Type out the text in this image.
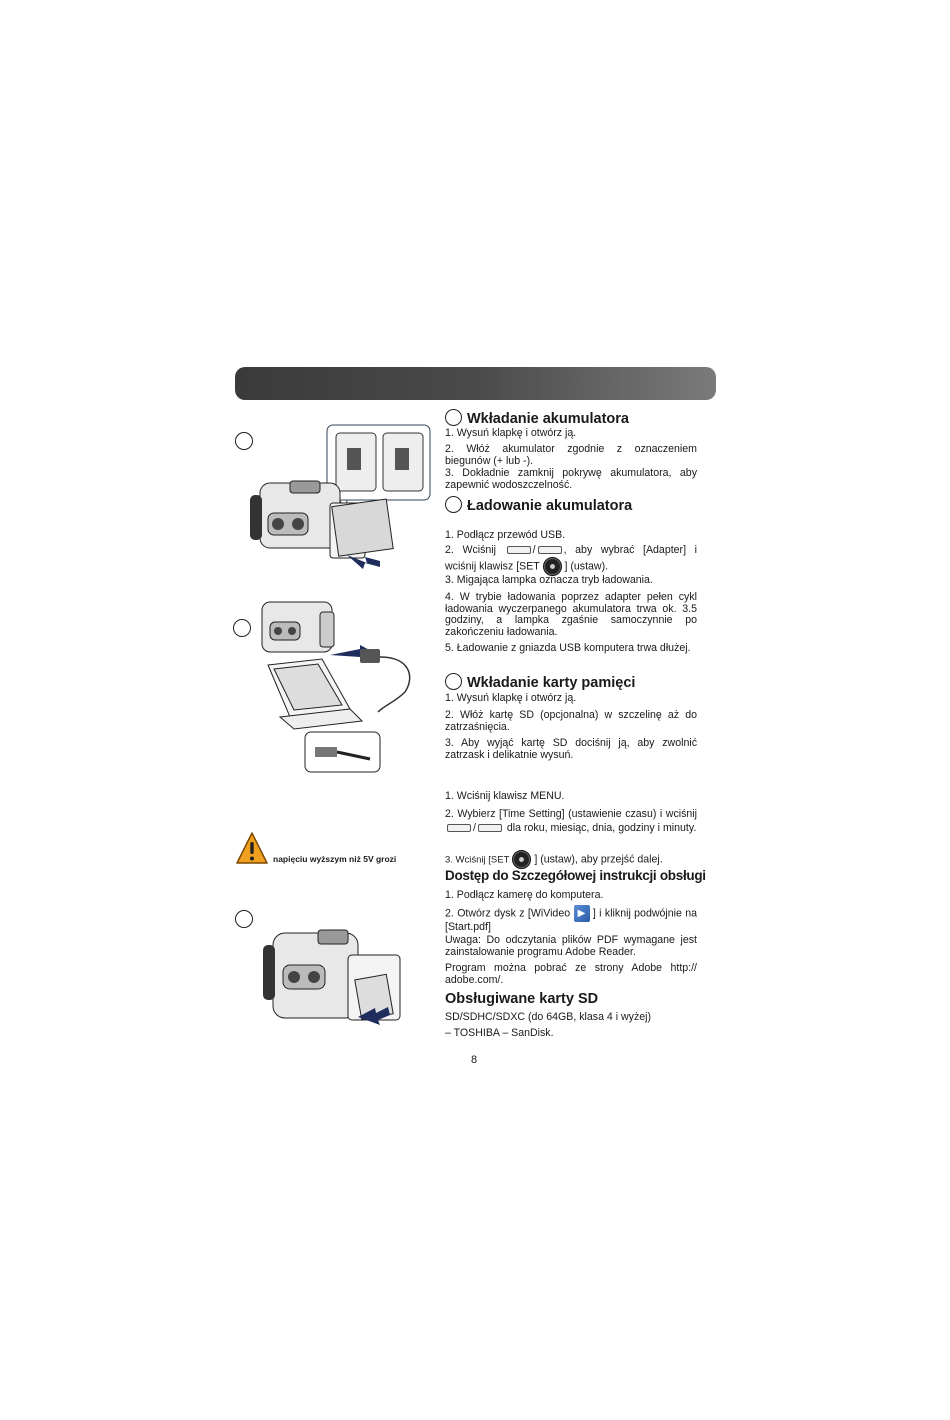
napięciu wyższym niż 5V grozi
Wkładanie akumulatora

1. Wysuń klapkę i otwórz ją.

2. Włóż akumulator zgodnie z oznaczeniem biegunów (+ lub -).

3. Dokładnie zamknij pokrywę akumulatora, aby zapewnić wodoszczelność.

Ładowanie akumulatora

1. Podłącz przewód USB.

2. Wciśnij	/	, aby wybrać [Adapter] i wciśnij klawisz [SET ] (ustaw).

3. Migająca lampka oznacza tryb ładowania.

4. W trybie ładowania poprzez adapter pełen cykl ładowania wyczerpanego akumulatora trwa ok. 3.5 godziny, a lampka zgaśnie samoczynnie po zakończeniu ładowania.

5. Ładowanie z gniazda USB komputera trwa dłużej.

Wkładanie karty pamięci

1. Wysuń klapkę i otwórz ją.

2. Włóż kartę SD (opcjonalna) w szczelinę aż do zatrzaśnięcia.

3. Aby wyjąć kartę SD dociśnij ją, aby zwolnić zatrzask i delikatnie wysuń.

1. Wciśnij klawisz MENU.

2. Wybierz [Time Setting] (ustawienie czasu) i wciśnij /	dla roku, miesiąc, dnia, godziny i minuty.

3. Wciśnij [SET ] (ustaw), aby przejść dalej.

Dostęp do Szczegółowej instrukcji obsługi

1. Podłącz kamerę do komputera.

2. Otwórz dysk z [WiVideo ▶ ] i kliknij podwójnie na [Start.pdf]

Uwaga: Do odczytania plików PDF wymagane jest zainstalowanie programu Adobe Reader.

Program można pobrać ze strony Adobe http:// adobe.com/.

Obsługiwane karty SD

SD/SDHC/SDXC (do 64GB, klasa 4 i wyżej)

– TOSHIBA – SanDisk.

8
